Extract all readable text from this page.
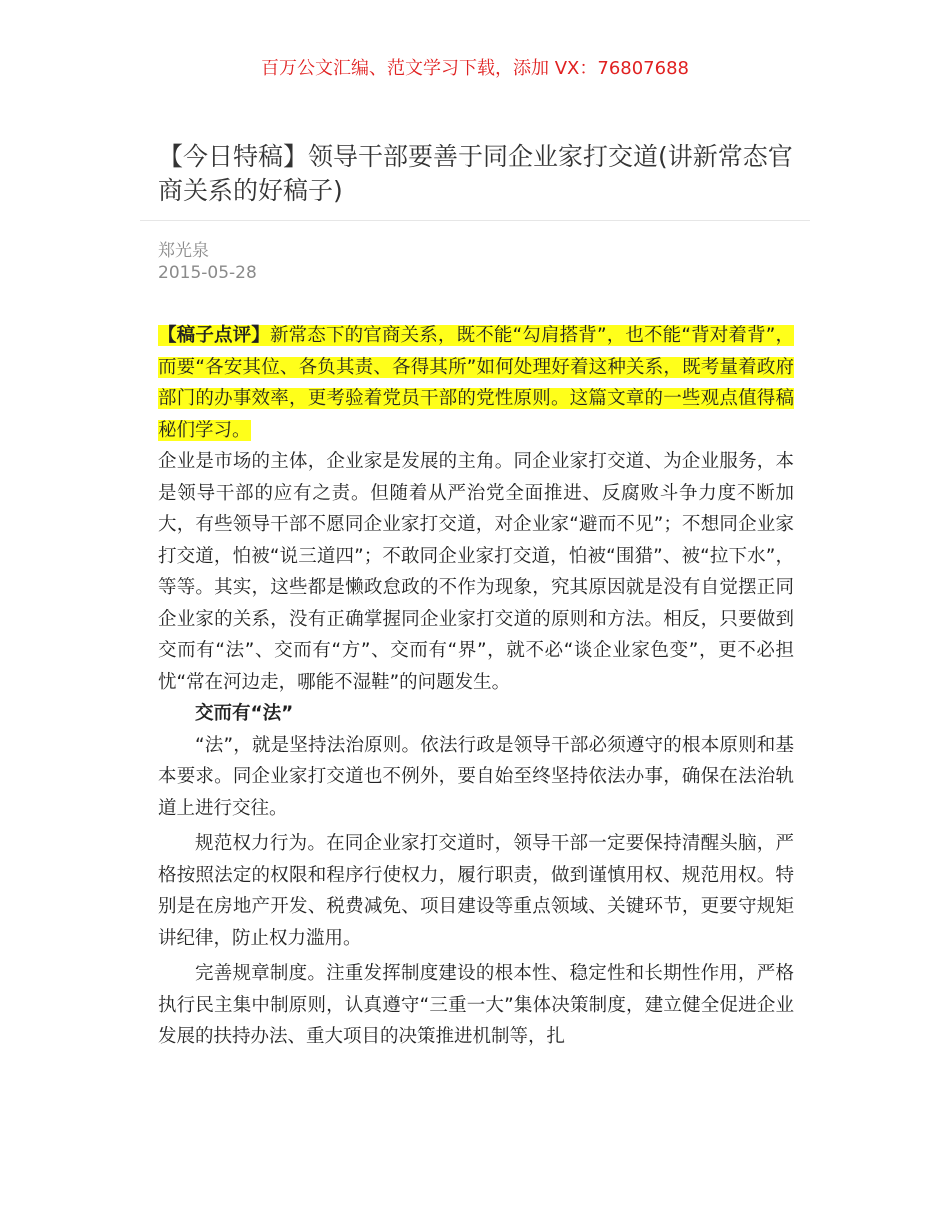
百万公文汇编、范文学习下载，添加 VX：76807688
【今日特稿】领导干部要善于同企业家打交道(讲新常态官商关系的好稿子)
郑光泉
2015-05-28

【稿子点评】新常态下的官商关系，既不能“勾肩搭背”，也不能“背对着背”，而要“各安其位、各负其责、各得其所”如何处理好着这种关系，既考量着政府部门的办事效率，更考验着党员干部的党性原则。这篇文章的一些观点值得稿秘们学习。

企业是市场的主体，企业家是发展的主角。同企业家打交道、为企业服务，本是领导干部的应有之责。但随着从严治党全面推进、反腐败斗争力度不断加大，有些领导干部不愿同企业家打交道，对企业家“避而不见”；不想同企业家打交道，怕被“说三道四”；不敢同企业家打交道，怕被“围猎”、被“拉下水”，等等。其实，这些都是懒政怠政的不作为现象，究其原因就是没有自觉摆正同企业家的关系，没有正确掌握同企业家打交道的原则和方法。相反，只要做到交而有“法”、交而有“方”、交而有“界”，就不必“谈企业家色变”，更不必担忧“常在河边走，哪能不湿鞋”的问题发生。

交而有“法”

“法”，就是坚持法治原则。依法行政是领导干部必须遵守的根本原则和基本要求。同企业家打交道也不例外，要自始至终坚持依法办事，确保在法治轨道上进行交往。

规范权力行为。在同企业家打交道时，领导干部一定要保持清醒头脑，严格按照法定的权限和程序行使权力，履行职责，做到谨慎用权、规范用权。特别是在房地产开发、税费减免、项目建设等重点领域、关键环节，更要守规矩讲纪律，防止权力滥用。

完善规章制度。注重发挥制度建设的根本性、稳定性和长期性作用，严格执行民主集中制原则，认真遵守“三重一大”集体决策制度，建立健全促进企业发展的扶持办法、重大项目的决策推进机制等，扎
